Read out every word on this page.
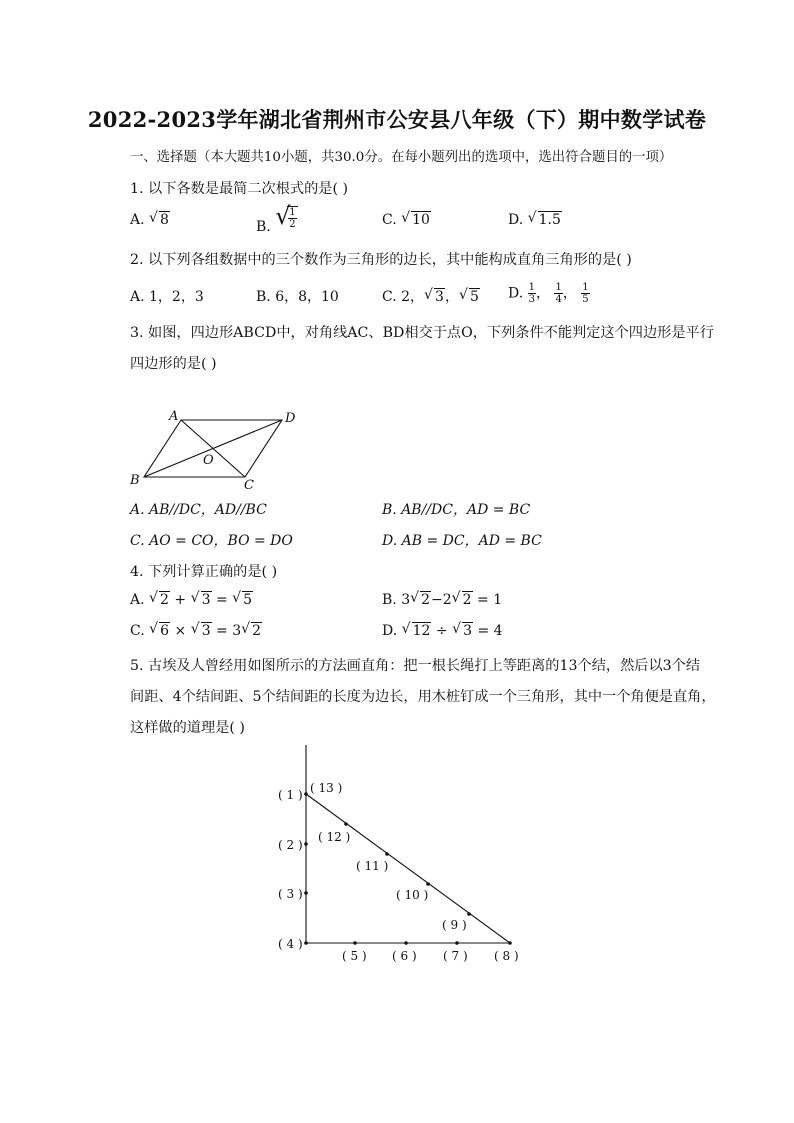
2022-2023学年湖北省荆州市公安县八年级（下）期中数学试卷
一、选择题（本大题共10小题，共30.0分。在每小题列出的选项中，选出符合题目的一项）
1. 以下各数是最简二次根式的是( )
A. √ 8	B. √
$\frac{1}{2}$	C. √ 10	D. √ 1.5
2. 以下列各组数据中的三个数作为三角形的边长，其中能构成直角三角形的是( )
A. 1，2，3	B. 6，8，10	C. 2， √ 3， √ 5 D. $\frac{1}{3}$ ， $\frac{1}{4}$ ， $\frac{1}{5}$
3. 如图，四边形ABCD中，对角线AC、BD相交于点O，下列条件不能判定这个四边形是平行
四边形的是( )
A	D
B	C
O
A. AB//DC，AD//BC	B. AB//DC，AD = BC
C. AO = CO，BO = DO	D. AB = DC，AD = BC
4. 下列计算正确的是( )
A. √ 2 + √ 3 = √ 5	B. 3 √ 2−2 √ 2 = 1
C. √ 6 × √ 3 = 3 √ 2	D. √ 12 ÷ √ 3 = 4
5. 古埃及人曾经用如图所示的方法画直角：把一根长绳打上等距离的13个结，然后以3个结
间距、4个结间距、5个结间距的长度为边长，用木桩钉成一个三角形，其中一个角便是直角，
这样做的道理是( )
( 1 )
( 2 )
( 3 )
( 4 )
( 5 ) ( 6 ) ( 7 ) ( 8 )
( 9 )
( 10 )
( 11 )
( 12 )
( 13 )
